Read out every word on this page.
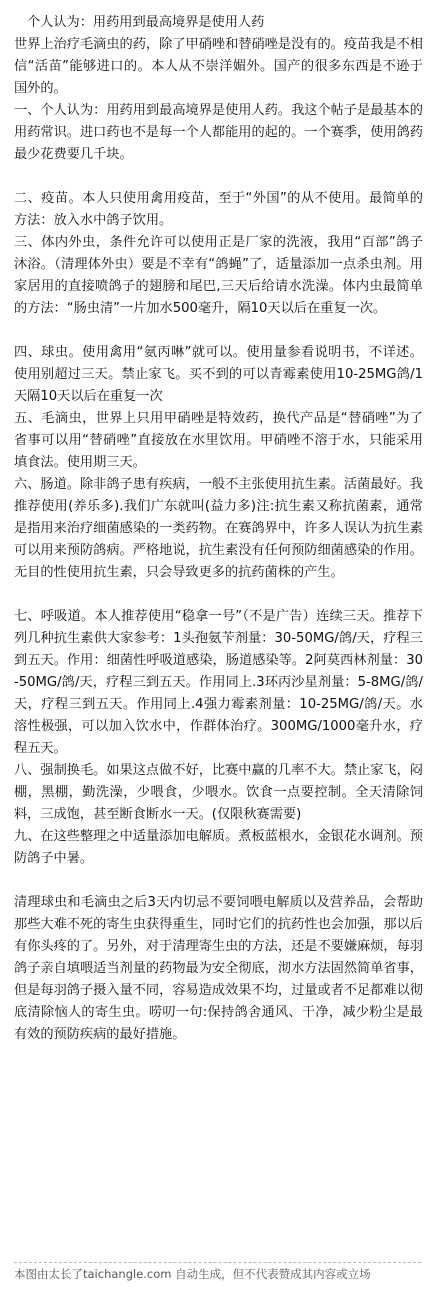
个人认为：用药用到最高境界是使用人药

世界上治疗毛滴虫的药，除了甲硝唑和替硝唑是没有的。疫苗我是不相信“活苗”能够进口的。本人从不崇洋媚外。国产的很多东西是不逊于国外的。

一、个人认为：用药用到最高境界是使用人药。我这个帖子是最基本的用药常识。进口药也不是每一个人都能用的起的。一个赛季，使用鸽药最少花费要几千块。

二、疫苗。本人只使用禽用疫苗，至于“外国”的从不使用。最简单的方法：放入水中鸽子饮用。

三、体内外虫，条件允许可以使用正是厂家的洗液，我用“百部”鸽子沐浴。（清理体外虫）要是不幸有“鸽蝇”了，适量添加一点杀虫剂。用家居用的直接喷鸽子的翅膀和尾巴,三天后给请水洗澡。体内虫最简单的方法：“肠虫清”一片加水500毫升，隔10天以后在重复一次。

四、球虫。使用禽用“氨丙啉”就可以。使用量参看说明书，不详述。使用别超过三天。禁止家飞。买不到的可以青霉素使用10-25MG鸽/1天隔10天以后在重复一次

五、毛滴虫，世界上只用甲硝唑是特效药，换代产品是“替硝唑”为了省事可以用“替硝唑”直接放在水里饮用。甲硝唑不溶于水，只能采用填食法。使用期三天。

六、肠道。除非鸽子患有疾病，一般不主张使用抗生素。活菌最好。我推荐使用(养乐多).我们广东就叫(益力多)注:抗生素又称抗菌素，通常是指用来治疗细菌感染的一类药物。在赛鸽界中，许多人误认为抗生素可以用来预防鸽病。严格地说，抗生素没有任何预防细菌感染的作用。无目的性使用抗生素，只会导致更多的抗药菌株的产生。

七、呼吸道。本人推荐使用“稳拿一号”（不是广告）连续三天。推荐下列几种抗生素供大家参考：1头孢氨苄剂量：30-50MG/鸽/天，疗程三到五天。作用：细菌性呼吸道感染，肠道感染等。2阿莫西林剂量：30-50MG/鸽/天，疗程三到五天。作用同上.3环丙沙星剂量：5-8MG/鸽/天，疗程三到五天。作用同上.4强力霉素剂量：10-25MG/鸽/天。水溶性极强，可以加入饮水中，作群体治疗。300MG/1000毫升水，疗程五天。

八、强制换毛。如果这点做不好，比赛中赢的几率不大。禁止家飞，闷棚，黑棚，勤洗澡，少喂食，少喂水。饮食一点要控制。全天清除饲料，三成饱，甚至断食断水一天。(仅限秋赛需要)

九、在这些整理之中适量添加电解质。煮板蓝根水，金银花水调剂。预防鸽子中暑。

清理球虫和毛滴虫之后3天内切忌不要饲喂电解质以及营养品，会帮助那些大难不死的寄生虫获得重生，同时它们的抗药性也会加强，那以后有你头疼的了。另外，对于清理寄生虫的方法，还是不要嫌麻烦，每羽鸽子亲自填喂适当剂量的药物最为安全彻底，沏水方法固然简单省事，但是每羽鸽子摄入量不同，容易造成效果不均，过量或者不足都难以彻底清除恼人的寄生虫。唠叨一句:保持鸽舍通风、干净，减少粉尘是最有效的预防疾病的最好措施。

本图由太长了taichangle.com 自动生成，但不代表赞成其内容或立场
